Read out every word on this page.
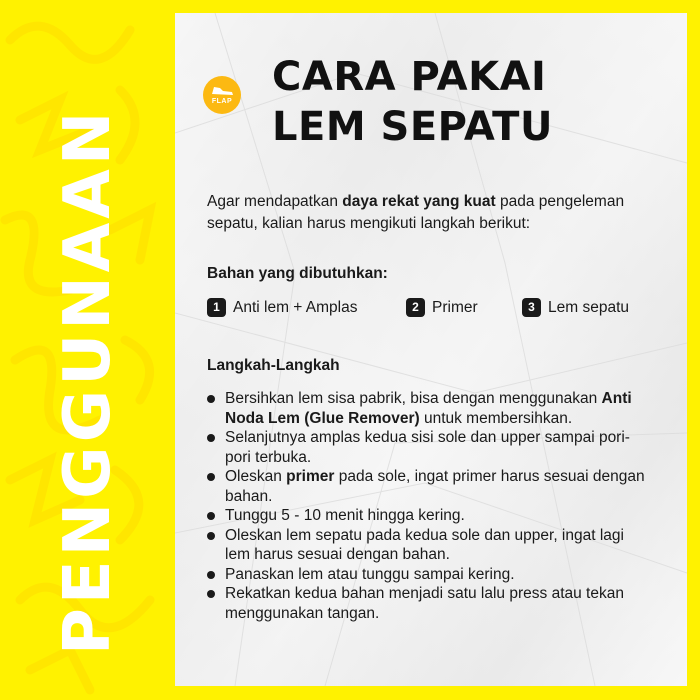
PENGGUNAAN
FLAP
CARA PAKAI
LEM SEPATU
Agar mendapatkan daya rekat yang kuat pada pengeleman sepatu, kalian harus mengikuti langkah berikut:
Bahan yang dibutuhkan:
1 Anti lem + Amplas	2 Primer	3 Lem sepatu
Langkah-Langkah
Bersihkan lem sisa pabrik, bisa dengan menggunakan Anti Noda Lem (Glue Remover) untuk membersihkan.
Selanjutnya amplas kedua sisi sole dan upper sampai pori-pori terbuka.
Oleskan primer pada sole, ingat primer harus sesuai dengan bahan.
Tunggu 5 - 10 menit hingga kering.
Oleskan lem sepatu pada kedua sole dan upper, ingat lagi lem harus sesuai dengan bahan.
Panaskan lem atau tunggu sampai kering.
Rekatkan kedua bahan menjadi satu lalu press atau tekan menggunakan tangan.
